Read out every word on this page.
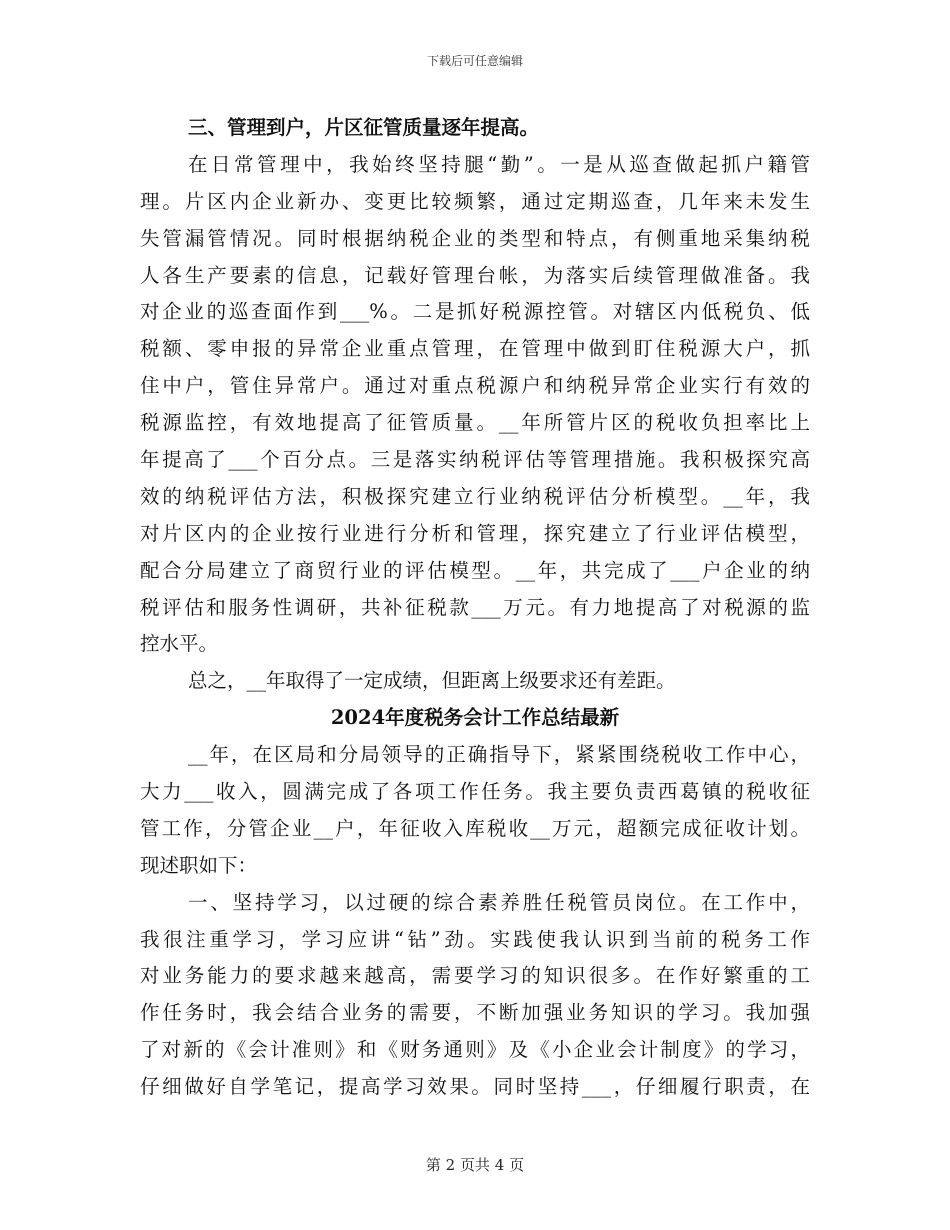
下载后可任意编辑
三、管理到户，片区征管质量逐年提高。
在日常管理中，我始终坚持腿“勤”。一是从巡查做起抓户籍管
理。片区内企业新办、变更比较频繁，通过定期巡查，几年来未发生
失管漏管情况。同时根据纳税企业的类型和特点，有侧重地采集纳税
人各生产要素的信息，记载好管理台帐，为落实后续管理做准备。我
对企业的巡查面作到___%。二是抓好税源控管。对辖区内低税负、低
税额、零申报的异常企业重点管理，在管理中做到盯住税源大户，抓
住中户，管住异常户。通过对重点税源户和纳税异常企业实行有效的
税源监控，有效地提高了征管质量。__年所管片区的税收负担率比上
年提高了___个百分点。三是落实纳税评估等管理措施。我积极探究高
效的纳税评估方法，积极探究建立行业纳税评估分析模型。__年，我
对片区内的企业按行业进行分析和管理，探究建立了行业评估模型，
配合分局建立了商贸行业的评估模型。__年，共完成了___户企业的纳
税评估和服务性调研，共补征税款___万元。有力地提高了对税源的监
控水平。
总之，__年取得了一定成绩，但距离上级要求还有差距。
2024年度税务会计工作总结最新
__年，在区局和分局领导的正确指导下，紧紧围绕税收工作中心，
大力___收入，圆满完成了各项工作任务。我主要负责西葛镇的税收征
管工作，分管企业__户，年征收入库税收__万元，超额完成征收计划。
现述职如下：
一、坚持学习，以过硬的综合素养胜任税管员岗位。在工作中，
我很注重学习，学习应讲“钻”劲。实践使我认识到当前的税务工作
对业务能力的要求越来越高，需要学习的知识很多。在作好繁重的工
作任务时，我会结合业务的需要，不断加强业务知识的学习。我加强
了对新的《会计准则》和《财务通则》及《小企业会计制度》的学习，
仔细做好自学笔记，提高学习效果。同时坚持___，仔细履行职责，在
第 2 页共 4 页
